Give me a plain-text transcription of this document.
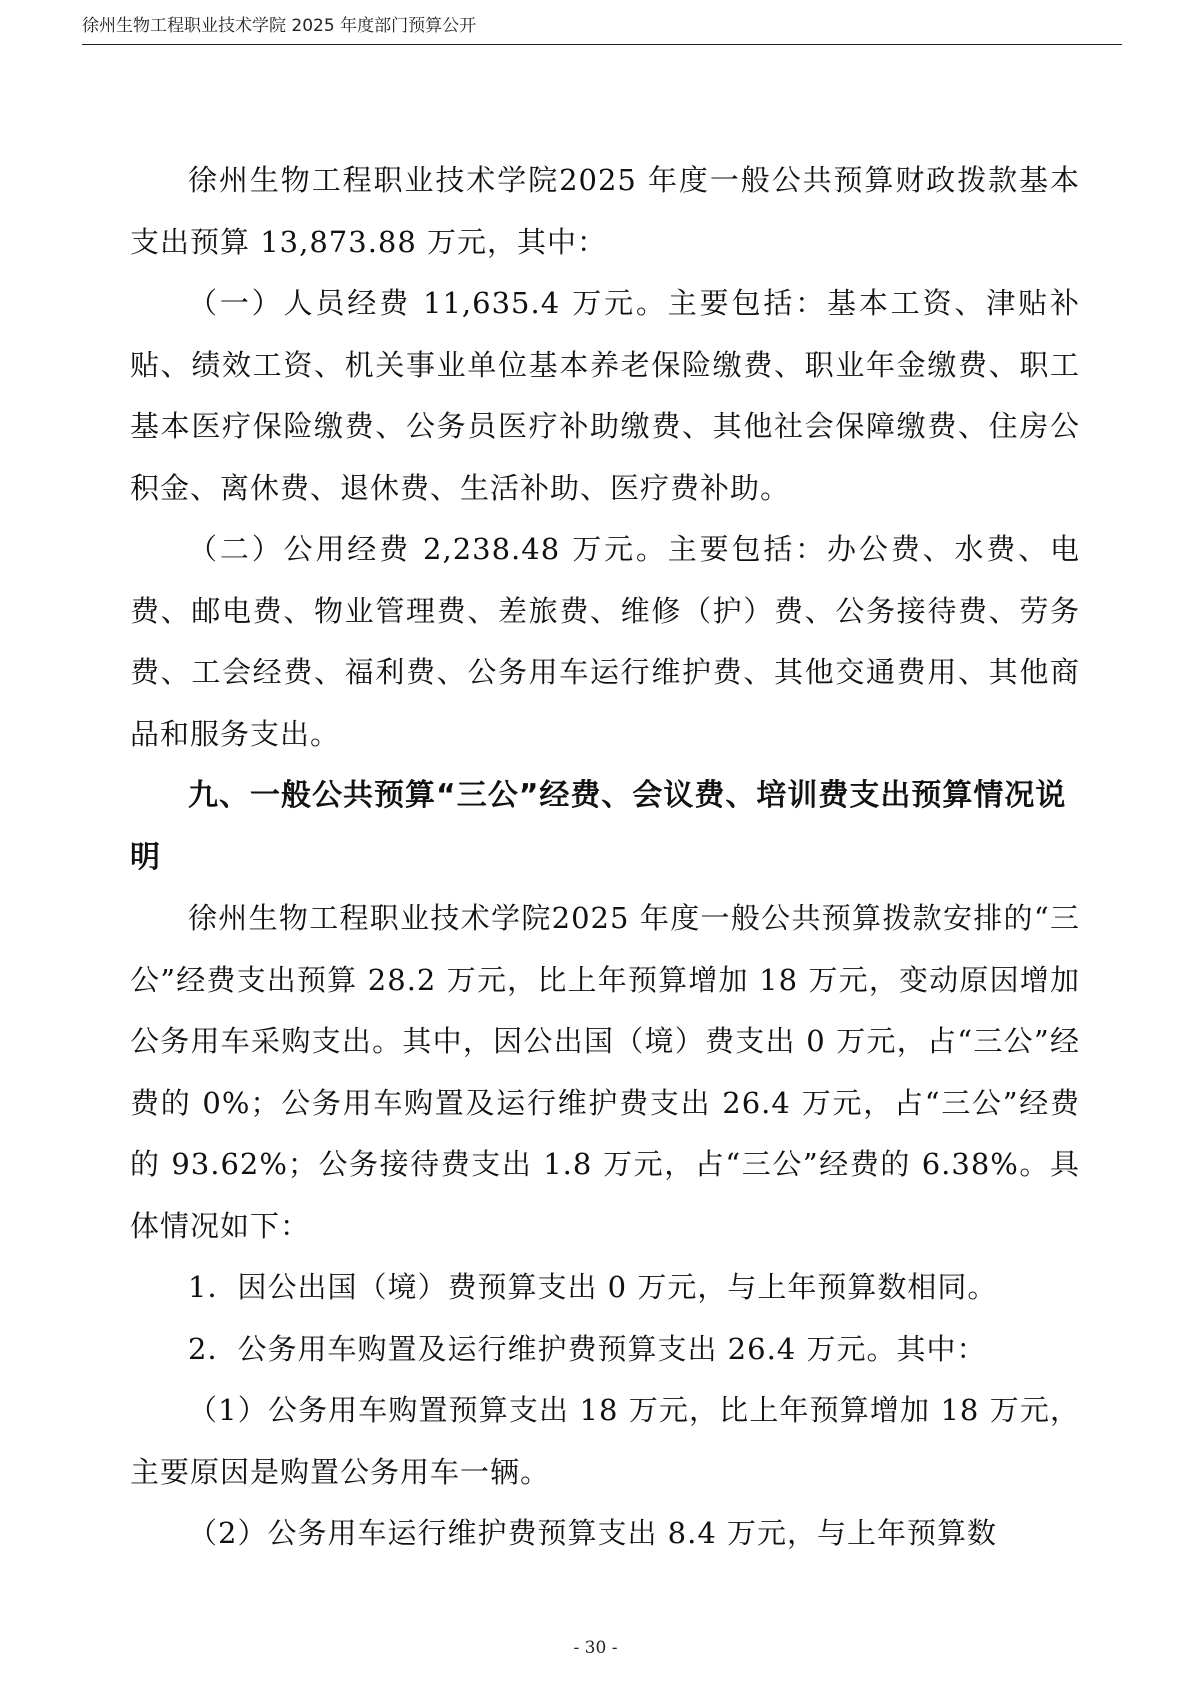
徐州生物工程职业技术学院 2025 年度部门预算公开

徐州生物工程职业技术学院2025 年度一般公共预算财政拨款基本支出预算 13,873.88 万元，其中：

（一）人员经费 11,635.4 万元。主要包括：基本工资、津贴补贴、绩效工资、机关事业单位基本养老保险缴费、职业年金缴费、职工基本医疗保险缴费、公务员医疗补助缴费、其他社会保障缴费、住房公积金、离休费、退休费、生活补助、医疗费补助。

（二）公用经费 2,238.48 万元。主要包括：办公费、水费、电费、邮电费、物业管理费、差旅费、维修（护）费、公务接待费、劳务费、工会经费、福利费、公务用车运行维护费、其他交通费用、其他商品和服务支出。

九、一般公共预算“三公”经费、会议费、培训费支出预算情况说明

徐州生物工程职业技术学院2025 年度一般公共预算拨款安排的“三公”经费支出预算 28.2 万元，比上年预算增加 18 万元，变动原因增加公务用车采购支出。其中，因公出国（境）费支出 0 万元，占“三公”经费的 0%；公务用车购置及运行维护费支出 26.4 万元，占“三公”经费的 93.62%；公务接待费支出 1.8 万元，占“三公”经费的 6.38%。具体情况如下：

1．因公出国（境）费预算支出 0 万元，与上年预算数相同。

2．公务用车购置及运行维护费预算支出 26.4 万元。其中：

（1）公务用车购置预算支出 18 万元，比上年预算增加 18 万元，主要原因是购置公务用车一辆。

（2）公务用车运行维护费预算支出 8.4 万元，与上年预算数

- 30 -
